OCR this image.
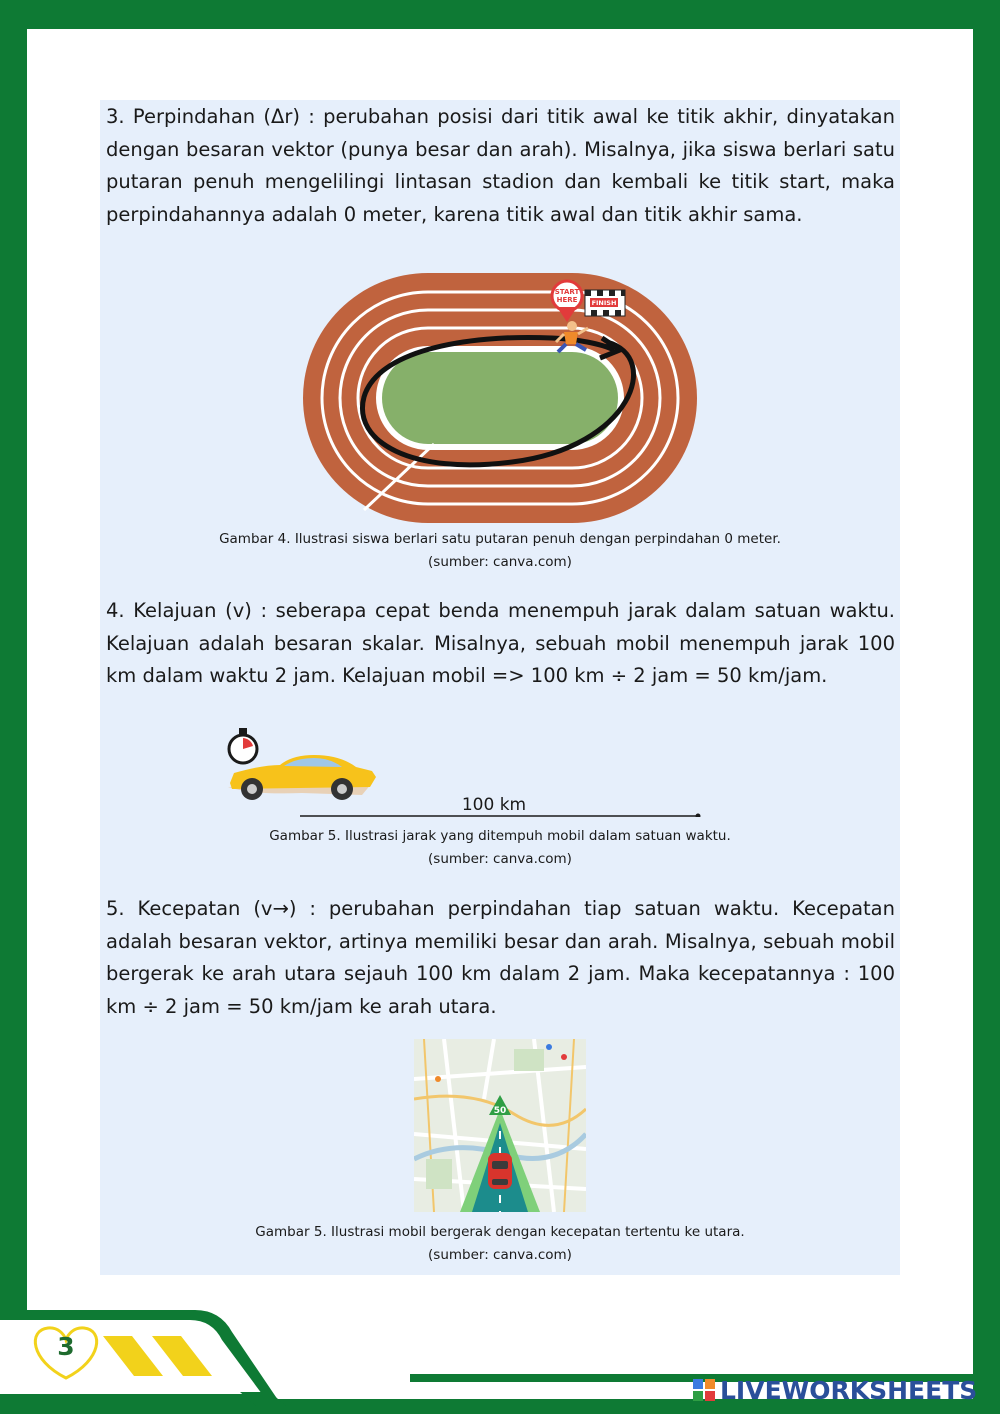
3. Perpindahan (Δr) : perubahan posisi dari titik awal ke titik akhir, dinyatakan dengan besaran vektor (punya besar dan arah). Misalnya, jika siswa berlari satu putaran penuh mengelilingi lintasan stadion dan kembali ke titik start, maka perpindahannya adalah 0 meter, karena titik awal dan titik akhir sama.

START
HERE FINISH
Gambar 4. Ilustrasi siswa berlari satu putaran penuh dengan perpindahan 0 meter.
(sumber: canva.com)

4. Kelajuan (v) : seberapa cepat benda menempuh jarak dalam satuan waktu. Kelajuan adalah besaran skalar. Misalnya, sebuah mobil menempuh jarak 100 km dalam waktu 2 jam. Kelajuan mobil => 100 km ÷ 2 jam = 50 km/jam.

100 km
Gambar 5. Ilustrasi jarak yang ditempuh mobil dalam satuan waktu.
(sumber: canva.com)

5. Kecepatan (v→) : perubahan perpindahan tiap satuan waktu. Kecepatan adalah besaran vektor, artinya memiliki besar dan arah. Misalnya, sebuah mobil bergerak ke arah utara sejauh 100 km dalam 2 jam. Maka kecepatannya : 100 km ÷ 2 jam = 50 km/jam ke arah utara.

50
Gambar 5. Ilustrasi mobil bergerak dengan kecepatan tertentu ke utara.
(sumber: canva.com)
3
LIVEWORKSHEETS
